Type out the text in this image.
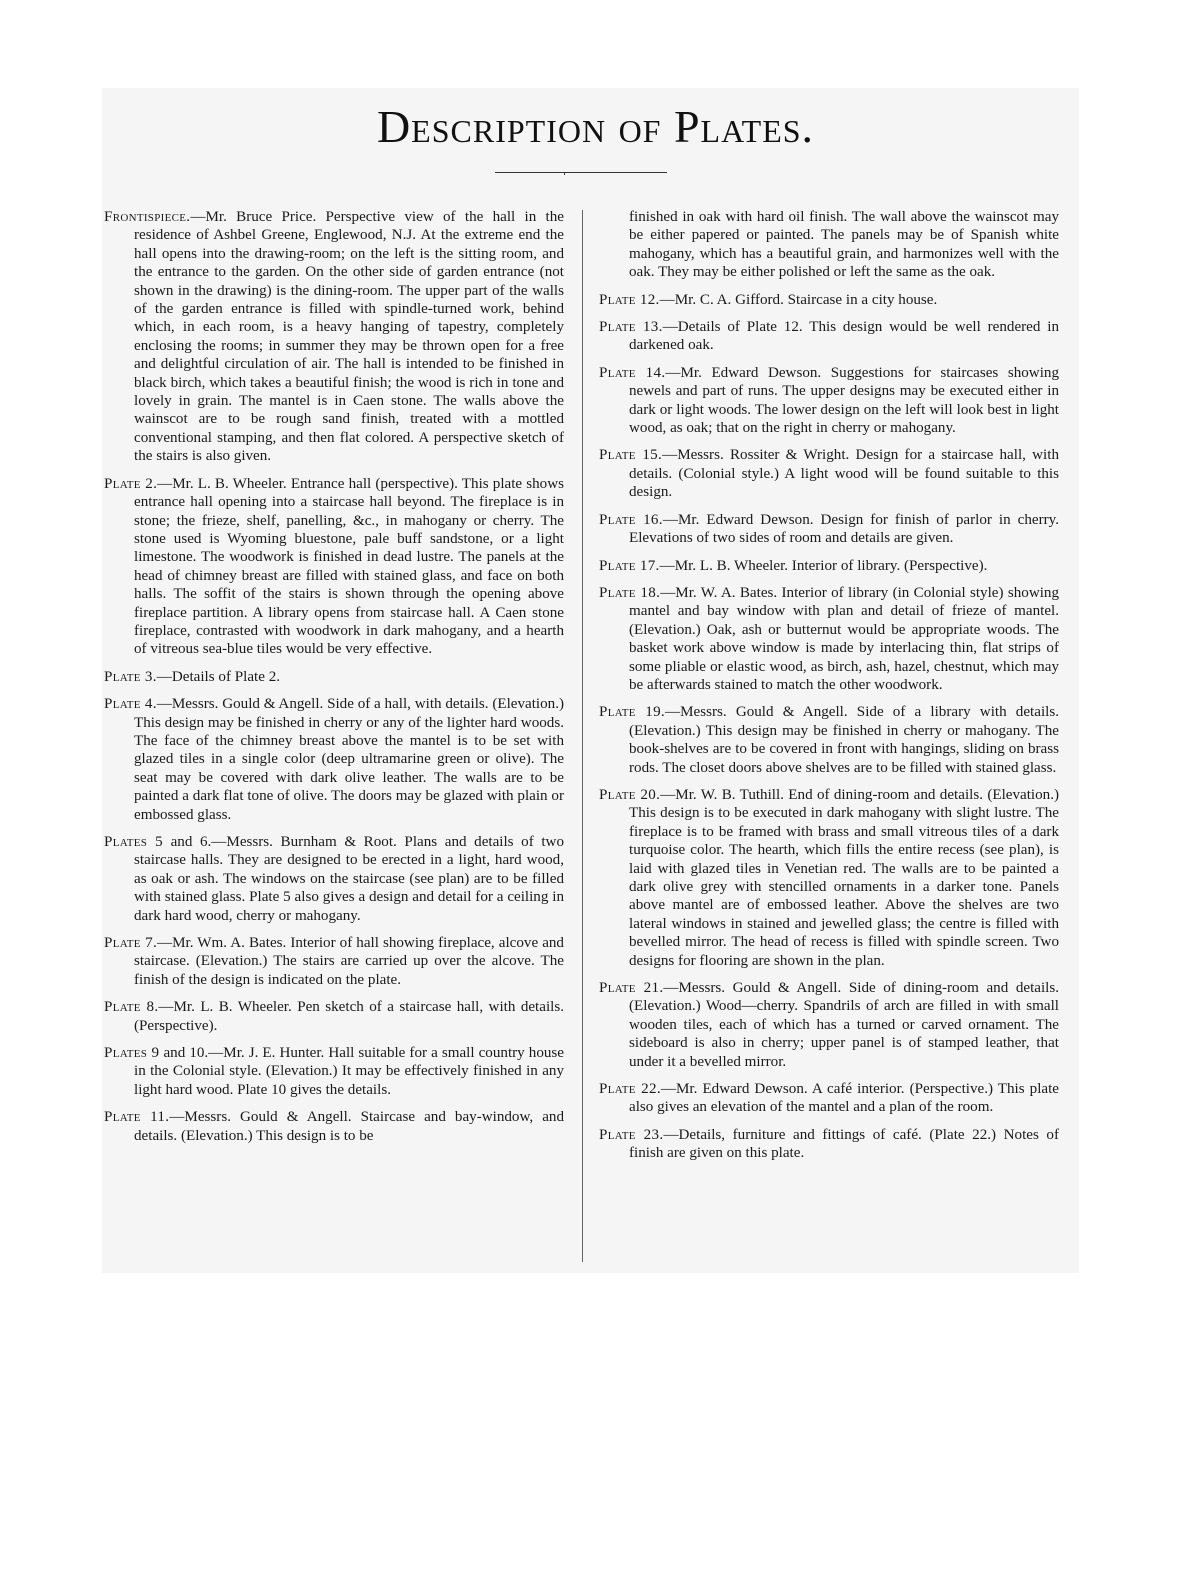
Description of Plates.

Frontispiece.—Mr. Bruce Price. Perspective view of the hall in the residence of Ashbel Greene, Englewood, N.J. At the extreme end the hall opens into the drawing-room; on the left is the sitting room, and the entrance to the garden. On the other side of garden entrance (not shown in the drawing) is the dining-room. The upper part of the walls of the garden entrance is filled with spindle-turned work, behind which, in each room, is a heavy hanging of tapestry, completely enclosing the rooms; in summer they may be thrown open for a free and delightful circulation of air. The hall is intended to be finished in black birch, which takes a beautiful finish; the wood is rich in tone and lovely in grain. The mantel is in Caen stone. The walls above the wainscot are to be rough sand finish, treated with a mottled conventional stamping, and then flat colored. A perspective sketch of the stairs is also given.

Plate 2.—Mr. L. B. Wheeler. Entrance hall (perspective). This plate shows entrance hall opening into a staircase hall beyond. The fireplace is in stone; the frieze, shelf, panelling, &c., in mahogany or cherry. The stone used is Wyoming bluestone, pale buff sandstone, or a light limestone. The woodwork is finished in dead lustre. The panels at the head of chimney breast are filled with stained glass, and face on both halls. The soffit of the stairs is shown through the opening above fireplace partition. A library opens from staircase hall. A Caen stone fireplace, contrasted with woodwork in dark mahogany, and a hearth of vitreous sea-blue tiles would be very effective.

Plate 3.—Details of Plate 2.

Plate 4.—Messrs. Gould & Angell. Side of a hall, with details. (Elevation.) This design may be finished in cherry or any of the lighter hard woods. The face of the chimney breast above the mantel is to be set with glazed tiles in a single color (deep ultramarine green or olive). The seat may be covered with dark olive leather. The walls are to be painted a dark flat tone of olive. The doors may be glazed with plain or embossed glass.

Plates 5 and 6.—Messrs. Burnham & Root. Plans and details of two staircase halls. They are designed to be erected in a light, hard wood, as oak or ash. The windows on the staircase (see plan) are to be filled with stained glass. Plate 5 also gives a design and detail for a ceiling in dark hard wood, cherry or mahogany.

Plate 7.—Mr. Wm. A. Bates. Interior of hall showing fireplace, alcove and staircase. (Elevation.) The stairs are carried up over the alcove. The finish of the design is indicated on the plate.

Plate 8.—Mr. L. B. Wheeler. Pen sketch of a staircase hall, with details. (Perspective).

Plates 9 and 10.—Mr. J. E. Hunter. Hall suitable for a small country house in the Colonial style. (Elevation.) It may be effectively finished in any light hard wood. Plate 10 gives the details.

Plate 11.—Messrs. Gould & Angell. Staircase and bay-window, and details. (Elevation.) This design is to be

finished in oak with hard oil finish. The wall above the wainscot may be either papered or painted. The panels may be of Spanish white mahogany, which has a beautiful grain, and harmonizes well with the oak. They may be either polished or left the same as the oak.

Plate 12.—Mr. C. A. Gifford. Staircase in a city house.

Plate 13.—Details of Plate 12. This design would be well rendered in darkened oak.

Plate 14.—Mr. Edward Dewson. Suggestions for staircases showing newels and part of runs. The upper designs may be executed either in dark or light woods. The lower design on the left will look best in light wood, as oak; that on the right in cherry or mahogany.

Plate 15.—Messrs. Rossiter & Wright. Design for a staircase hall, with details. (Colonial style.) A light wood will be found suitable to this design.

Plate 16.—Mr. Edward Dewson. Design for finish of parlor in cherry. Elevations of two sides of room and details are given.

Plate 17.—Mr. L. B. Wheeler. Interior of library. (Perspective).

Plate 18.—Mr. W. A. Bates. Interior of library (in Colonial style) showing mantel and bay window with plan and detail of frieze of mantel. (Elevation.) Oak, ash or butternut would be appropriate woods. The basket work above window is made by interlacing thin, flat strips of some pliable or elastic wood, as birch, ash, hazel, chestnut, which may be afterwards stained to match the other woodwork.

Plate 19.—Messrs. Gould & Angell. Side of a library with details. (Elevation.) This design may be finished in cherry or mahogany. The book-shelves are to be covered in front with hangings, sliding on brass rods. The closet doors above shelves are to be filled with stained glass.

Plate 20.—Mr. W. B. Tuthill. End of dining-room and details. (Elevation.) This design is to be executed in dark mahogany with slight lustre. The fireplace is to be framed with brass and small vitreous tiles of a dark turquoise color. The hearth, which fills the entire recess (see plan), is laid with glazed tiles in Venetian red. The walls are to be painted a dark olive grey with stencilled ornaments in a darker tone. Panels above mantel are of embossed leather. Above the shelves are two lateral windows in stained and jewelled glass; the centre is filled with bevelled mirror. The head of recess is filled with spindle screen. Two designs for flooring are shown in the plan.

Plate 21.—Messrs. Gould & Angell. Side of dining-room and details. (Elevation.) Wood—cherry. Spandrils of arch are filled in with small wooden tiles, each of which has a turned or carved ornament. The sideboard is also in cherry; upper panel is of stamped leather, that under it a bevelled mirror.

Plate 22.—Mr. Edward Dewson. A café interior. (Perspective.) This plate also gives an elevation of the mantel and a plan of the room.

Plate 23.—Details, furniture and fittings of café. (Plate 22.) Notes of finish are given on this plate.
